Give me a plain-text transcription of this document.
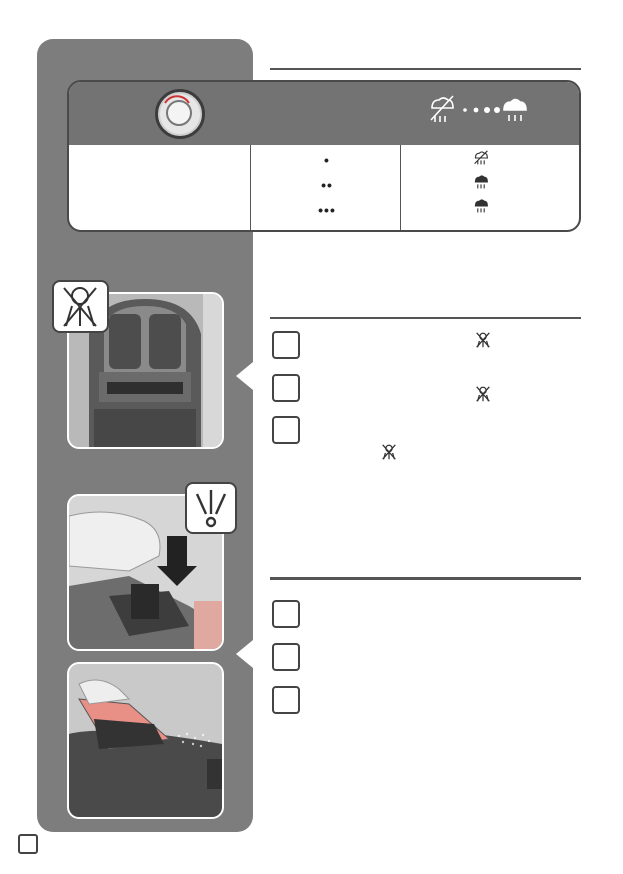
•
••
•••
